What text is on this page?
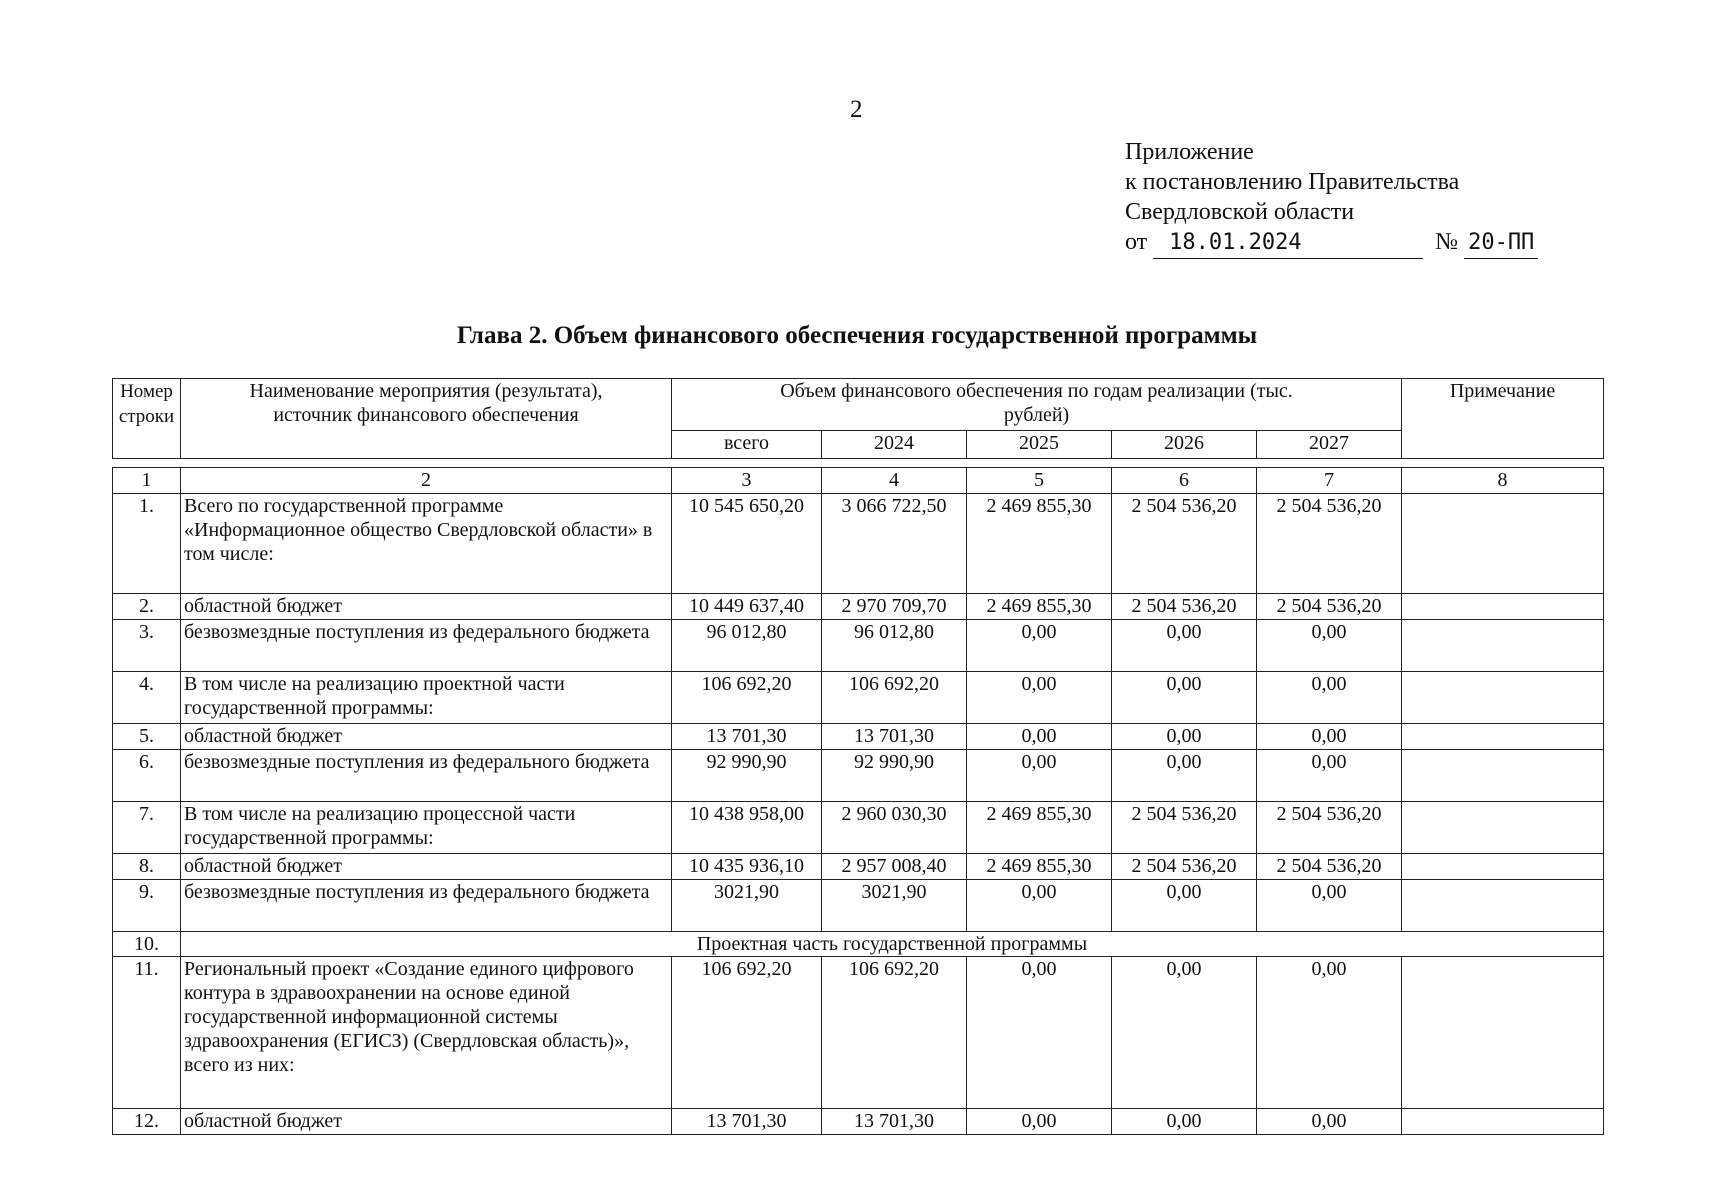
2
Приложение
к постановлению Правительства
Свердловской области
от 18.01.2024	№ 20-ПП
Глава 2. Объем финансового обеспечения государственной программы
Номер строки	Наименование мероприятия (результата), источник финансового обеспечения	Объем финансового обеспечения по годам реализации (тыс. рублей)					Примечание
		всего	2024	2025	2026	2027	
1	2	3	4	5	6	7	8
1.	Всего по государственной программе «Информационное общество Свердловской области» в том числе:	10 545 650,20	3 066 722,50	2 469 855,30	2 504 536,20	2 504 536,20	
2.	областной бюджет	10 449 637,40	2 970 709,70	2 469 855,30	2 504 536,20	2 504 536,20	
3.	безвозмездные поступления из федерального бюджета	96 012,80	96 012,80	0,00	0,00	0,00	
4.	В том числе на реализацию проектной части государственной программы:	106 692,20	106 692,20	0,00	0,00	0,00	
5.	областной бюджет	13 701,30	13 701,30	0,00	0,00	0,00	
6.	безвозмездные поступления из федерального бюджета	92 990,90	92 990,90	0,00	0,00	0,00	
7.	В том числе на реализацию процессной части государственной программы:	10 438 958,00	2 960 030,30	2 469 855,30	2 504 536,20	2 504 536,20	
8.	областной бюджет	10 435 936,10	2 957 008,40	2 469 855,30	2 504 536,20	2 504 536,20	
9.	безвозмездные поступления из федерального бюджета	3021,90	3021,90	0,00	0,00	0,00	
10.	Проектная часть государственной программы						
11.	Региональный проект «Создание единого цифрового контура в здравоохранении на основе единой государственной информационной системы здравоохранения (ЕГИСЗ) (Свердловская область)», всего из них:	106 692,20	106 692,20	0,00	0,00	0,00	
12.	областной бюджет	13 701,30	13 701,30	0,00	0,00	0,00	
